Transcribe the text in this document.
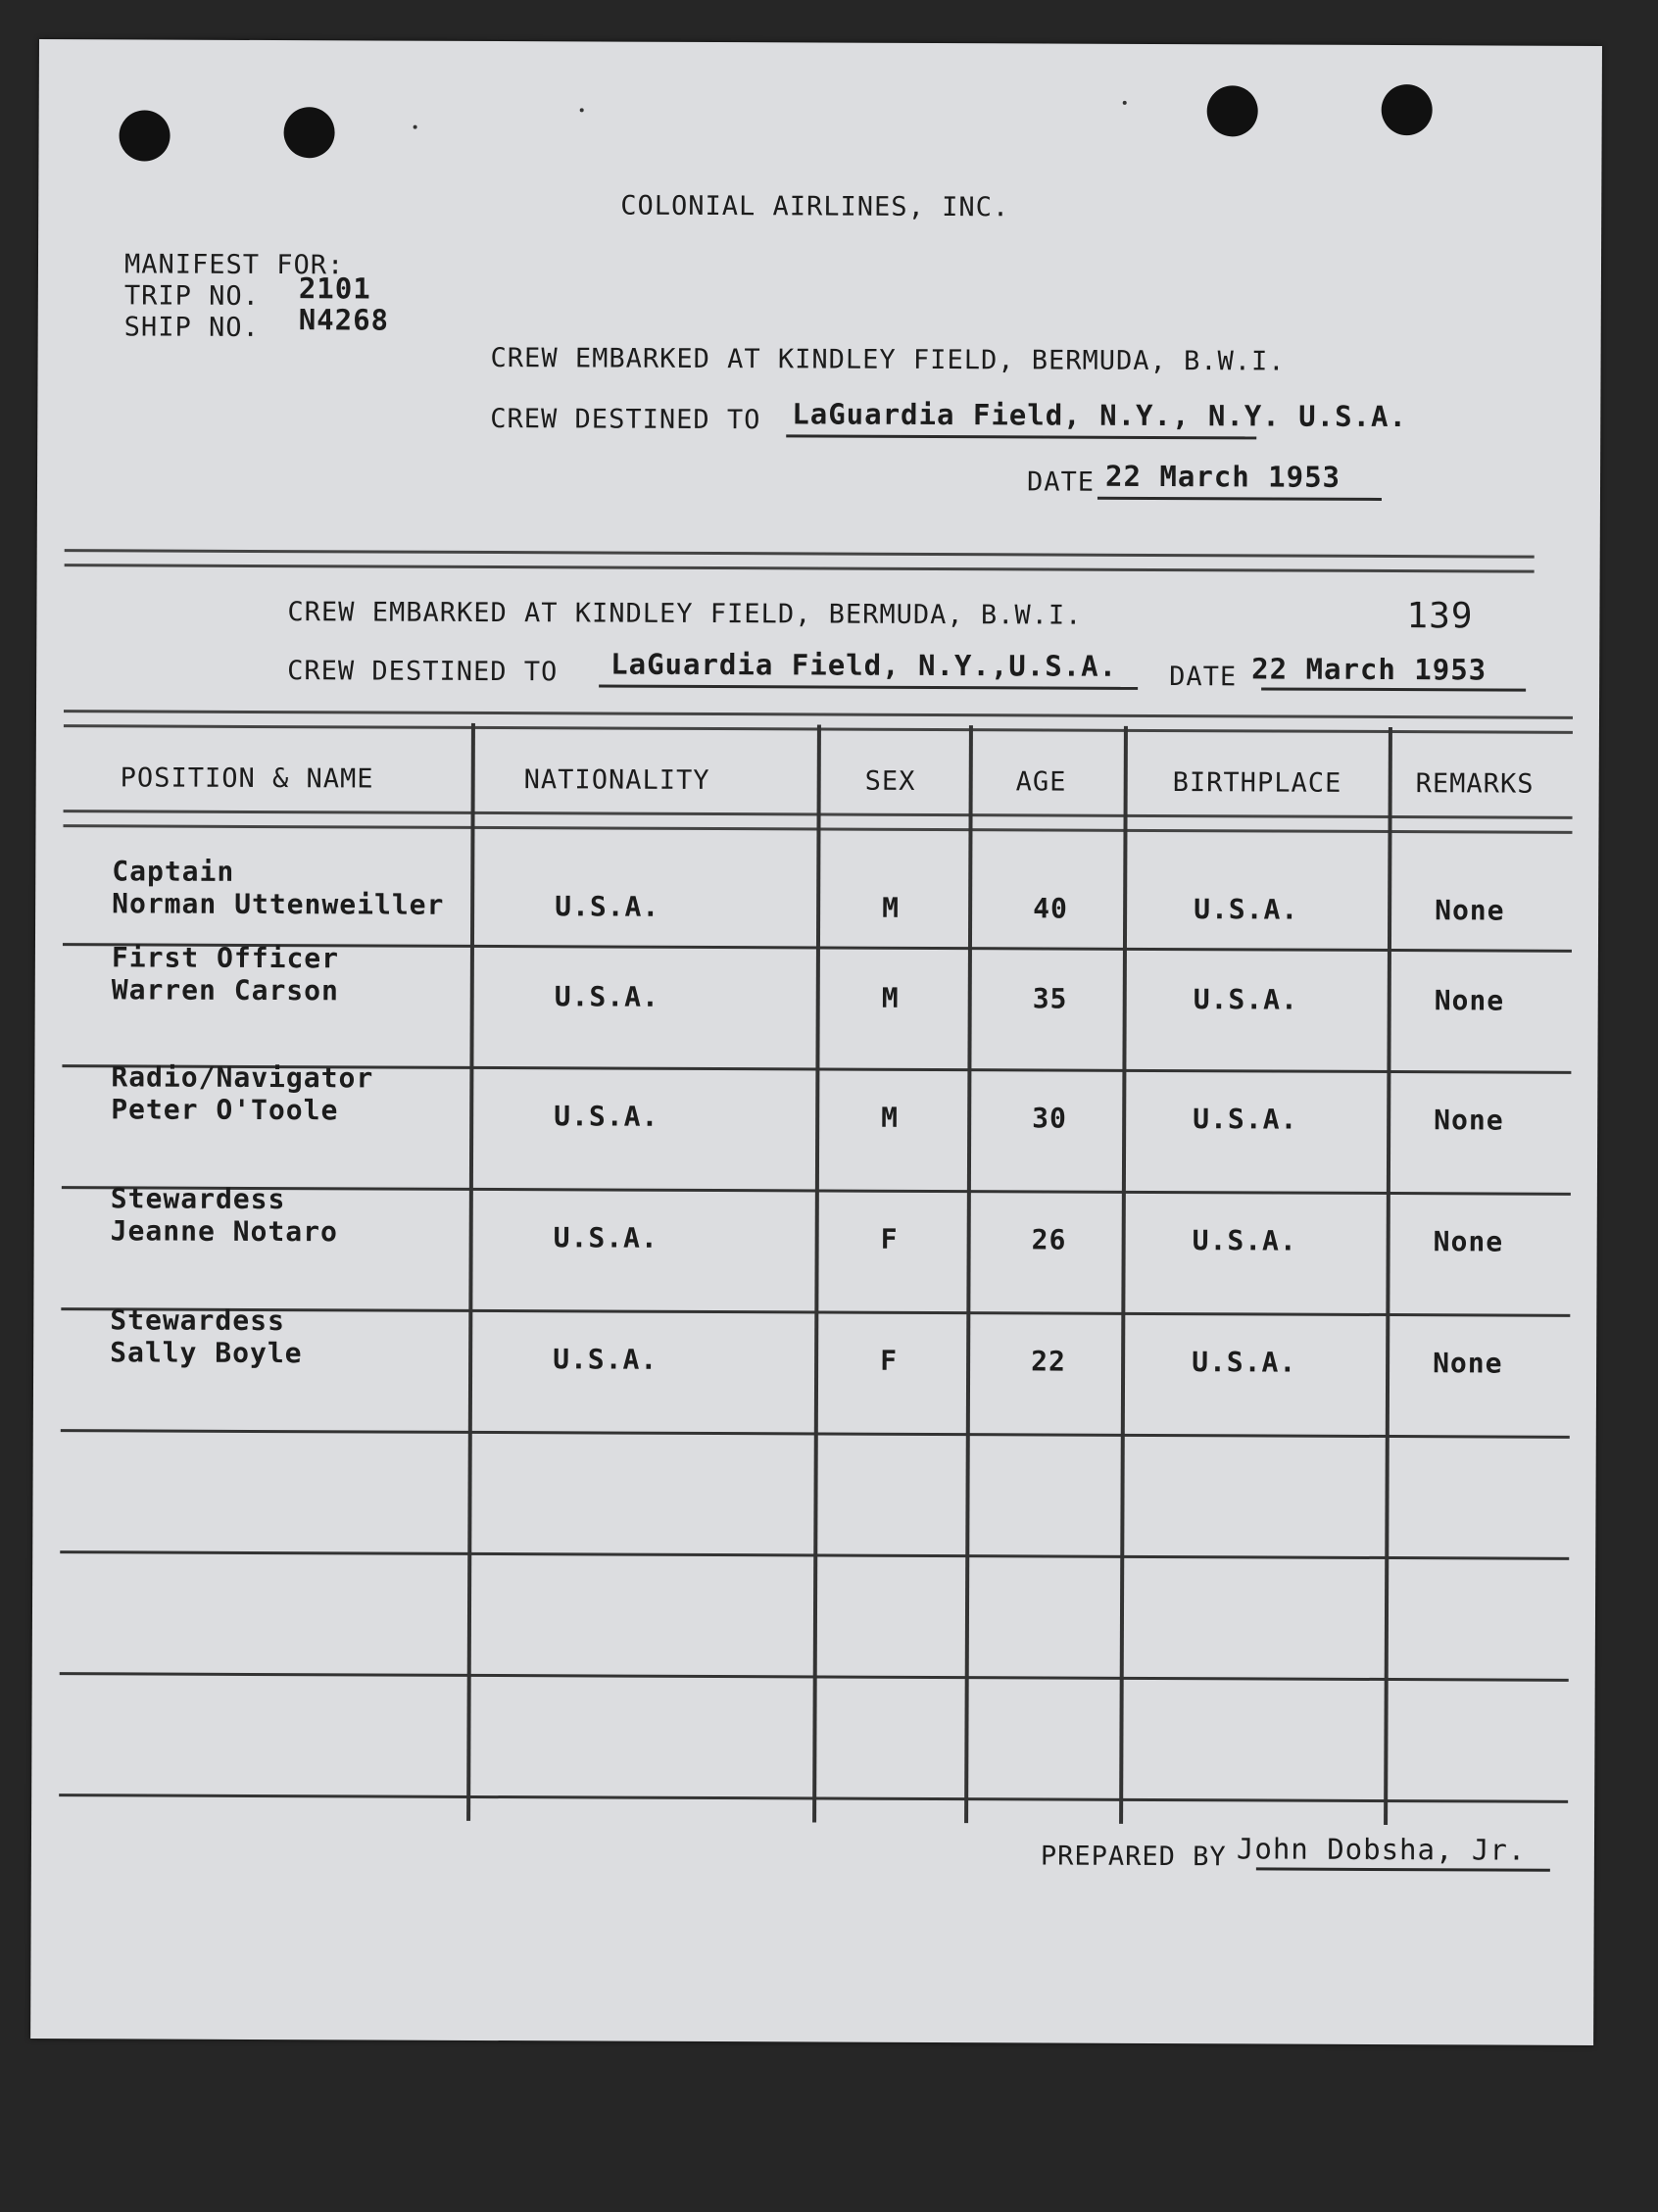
COLONIAL AIRLINES, INC.
MANIFEST FOR:
TRIP NO. 2101
SHIP NO. N4268
CREW EMBARKED AT KINDLEY FIELD, BERMUDA, B.W.I.
CREW DESTINED TO LaGuardia Field, N.Y., N.Y. U.S.A.
DATE 22 March 1953
CREW EMBARKED AT KINDLEY FIELD, BERMUDA, B.W.I.	139
CREW DESTINED TO LaGuardia Field, N.Y.,U.S.A. DATE 22 March 1953
POSITION & NAME	NATIONALITY	SEX	AGE	BIRTHPLACE	REMARKS
Captain
Norman Uttenweiller	U.S.A.	M	40	U.S.A.	None
First Officer
Warren Carson	U.S.A.	M	35	U.S.A.	None
Radio/Navigator
Peter O'Toole	U.S.A.	M	30	U.S.A.	None
Stewardess
Jeanne Notaro	U.S.A.	F	26	U.S.A.	None
Stewardess
Sally Boyle	U.S.A.	F	22	U.S.A.	None
PREPARED BY John Dobsha, Jr.
